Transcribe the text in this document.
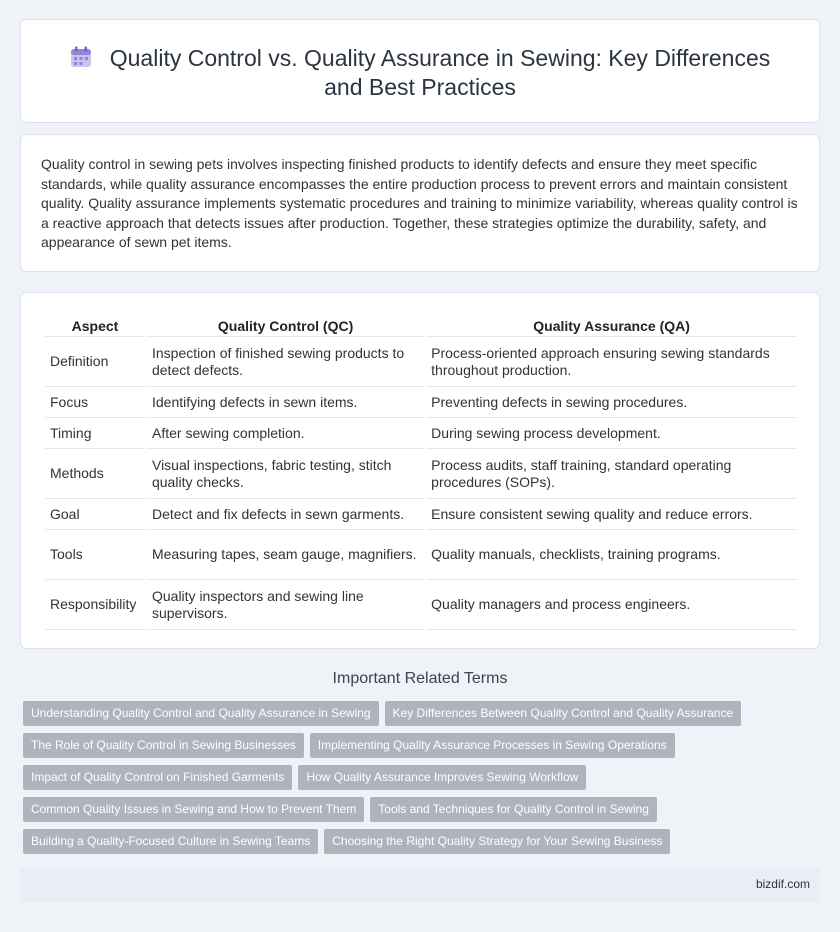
Quality Control vs. Quality Assurance in Sewing: Key Differences and Best Practices

Quality control in sewing pets involves inspecting finished products to identify defects and ensure they meet specific standards, while quality assurance encompasses the entire production process to prevent errors and maintain consistent quality. Quality assurance implements systematic procedures and training to minimize variability, whereas quality control is a reactive approach that detects issues after production. Together, these strategies optimize the durability, safety, and appearance of sewn pet items.

Aspect	Quality Control (QC)	Quality Assurance (QA)
Definition	Inspection of finished sewing products to detect defects.	Process-oriented approach ensuring sewing standards throughout production.
Focus	Identifying defects in sewn items.	Preventing defects in sewing procedures.
Timing	After sewing completion.	During sewing process development.
Methods	Visual inspections, fabric testing, stitch quality checks.	Process audits, staff training, standard operating procedures (SOPs).
Goal	Detect and fix defects in sewn garments.	Ensure consistent sewing quality and reduce errors.
Tools	Measuring tapes, seam gauge, magnifiers.	Quality manuals, checklists, training programs.
Responsibility	Quality inspectors and sewing line supervisors.	Quality managers and process engineers.
Important Related Terms
Understanding Quality Control and Quality Assurance in Sewing Key Differences Between Quality Control and Quality Assurance
The Role of Quality Control in Sewing Businesses Implementing Quality Assurance Processes in Sewing Operations
Impact of Quality Control on Finished Garments How Quality Assurance Improves Sewing Workflow
Common Quality Issues in Sewing and How to Prevent Them Tools and Techniques for Quality Control in Sewing
Building a Quality-Focused Culture in Sewing Teams Choosing the Right Quality Strategy for Your Sewing Business
bizdif.com
